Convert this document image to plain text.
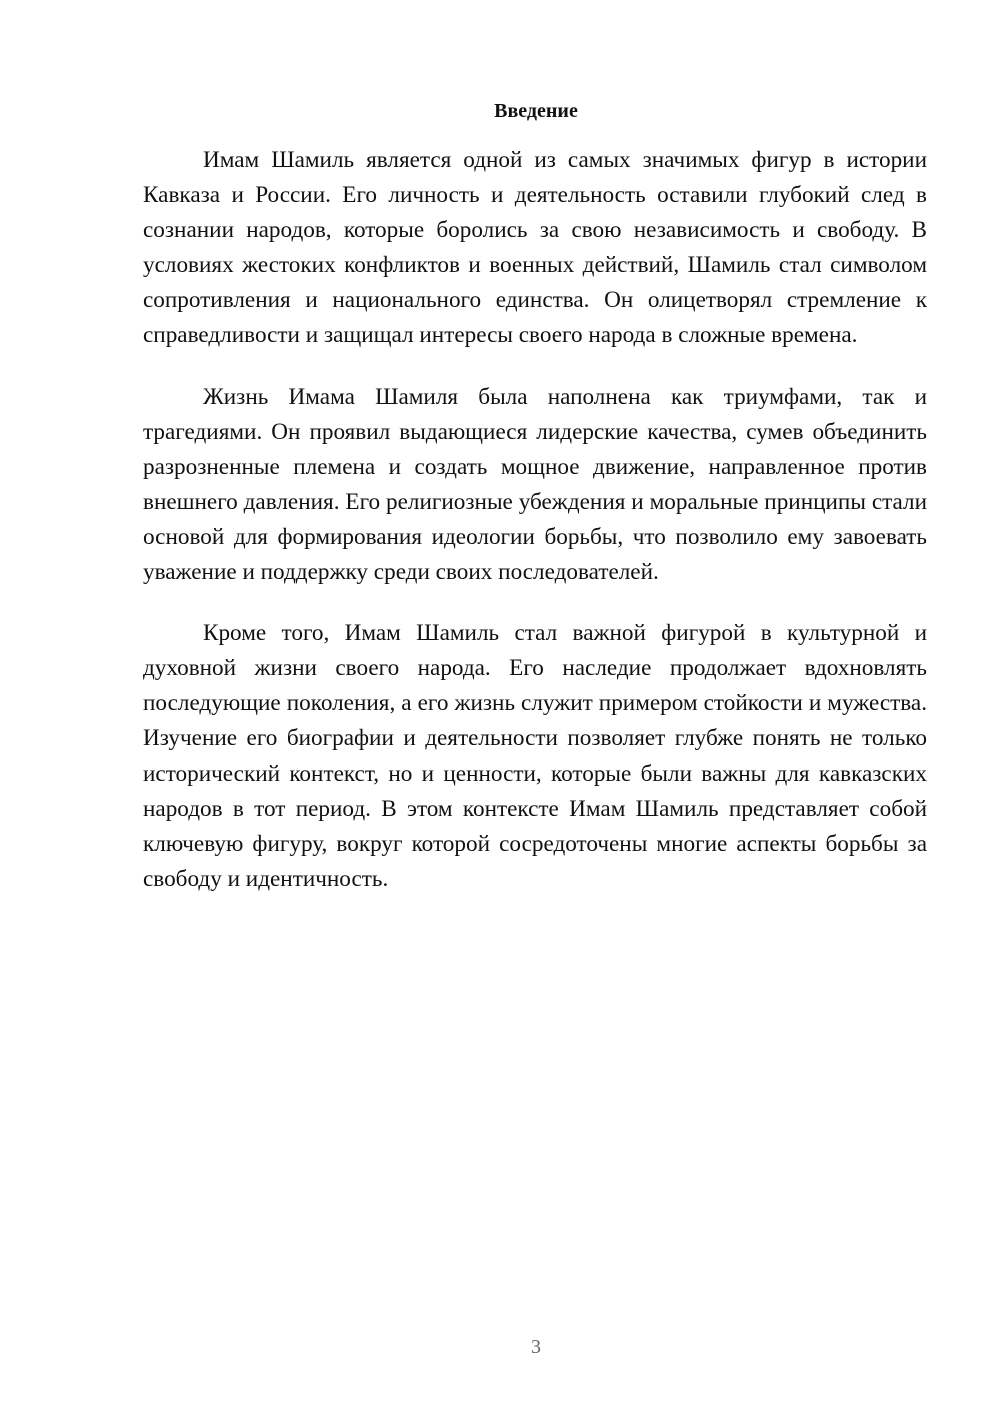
Введение

Имам Шамиль является одной из самых значимых фигур в истории Кавказа и России. Его личность и деятельность оставили глубокий след в сознании народов, которые боролись за свою независимость и свободу. В условиях жестоких конфликтов и военных действий, Шамиль стал символом сопротивления и национального единства. Он олицетворял стремление к справедливости и защищал интересы своего народа в сложные времена.

Жизнь Имама Шамиля была наполнена как триумфами, так и трагедиями. Он проявил выдающиеся лидерские качества, сумев объединить разрозненные племена и создать мощное движение, направленное против внешнего давления. Его религиозные убеждения и моральные принципы стали основой для формирования идеологии борьбы, что позволило ему завоевать уважение и поддержку среди своих последователей.

Кроме того, Имам Шамиль стал важной фигурой в культурной и духовной жизни своего народа. Его наследие продолжает вдохновлять последующие поколения, а его жизнь служит примером стойкости и мужества. Изучение его биографии и деятельности позволяет глубже понять не только исторический контекст, но и ценности, которые были важны для кавказских народов в тот период. В этом контексте Имам Шамиль представляет собой ключевую фигуру, вокруг которой сосредоточены многие аспекты борьбы за свободу и идентичность.

3
